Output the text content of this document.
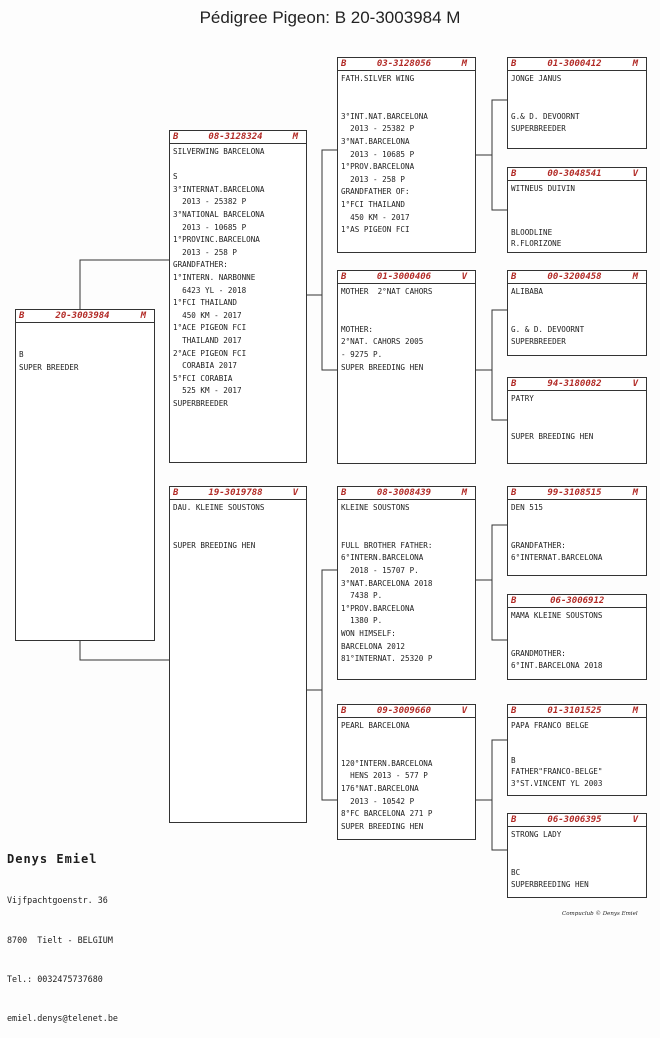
Pédigree Pigeon: B 20-3003984 M
B	20-3003984	M
B
SUPER BREEDER
B	08-3128324	M
SILVERWING BARCELONA

S
3°INTERNAT.BARCELONA
2013 - 25382 P
3°NATIONAL BARCELONA
2013 - 10685 P
1°PROVINC.BARCELONA
2013 - 258 P
GRANDFATHER:
1°INTERN. NARBONNE
6423 YL - 2018
1°FCI THAILAND
450 KM - 2017
1°ACE PIGEON FCI
THAILAND 2017
2°ACE PIGEON FCI
CORABIA 2017
5°FCI CORABIA
525 KM - 2017
SUPERBREEDER
B	19-3019788	V
DAU. KLEINE SOUSTONS

SUPER BREEDING HEN
B	03-3128056	M
FATH.SILVER WING

3°INT.NAT.BARCELONA
2013 - 25382 P
3°NAT.BARCELONA
2013 - 10685 P
1°PROV.BARCELONA
2013 - 258 P
GRANDFATHER OF:
1°FCI THAILAND
450 KM - 2017
1°AS PIGEON FCI
B	01-3000406	V
MOTHER  2°NAT CAHORS

MOTHER:
2°NAT. CAHORS 2005
- 9275 P.
SUPER BREEDING HEN
B	08-3008439	M
KLEINE SOUSTONS

FULL BROTHER FATHER:
6°INTERN.BARCELONA
2018 - 15707 P.
3°NAT.BARCELONA 2018
7438 P.
1°PROV.BARCELONA
1380 P.
WON HIMSELF:
BARCELONA 2012
81°INTERNAT. 25320 P
B	09-3009660	V
PEARL BARCELONA

120°INTERN.BARCELONA
HENS 2013 - 577 P
176°NAT.BARCELONA
2013 - 10542 P
8°FC BARCELONA 271 P
SUPER BREEDING HEN
B	01-3000412	M
JONGE JANUS

G.& D. DEVOORNT
SUPERBREEDER
B	00-3048541	V
WITNEUS DUIVIN

BLOODLINE
R.FLORIZONE
B	00-3200458	M
ALIBABA

G. & D. DEVOORNT
SUPERBREEDER
B	94-3180082	V
PATRY

SUPER BREEDING HEN
B	99-3108515	M
DEN 515

GRANDFATHER:
6°INTERNAT.BARCELONA
B	06-3006912
MAMA KLEINE SOUSTONS

GRANDMOTHER:
6°INT.BARCELONA 2018
B	01-3101525	M
PAPA FRANCO BELGE

B
FATHER"FRANCO-BELGE"
3°ST.VINCENT YL 2003
B	06-3006395	V
STRONG LADY

BC
SUPERBREEDING HEN

Denys Emiel

Vijfpachtgoenstr. 36

8700  Tielt - BELGIUM

Tel.: 0032475737680

emiel.denys@telenet.be

Compuclub © Denys Emiel
